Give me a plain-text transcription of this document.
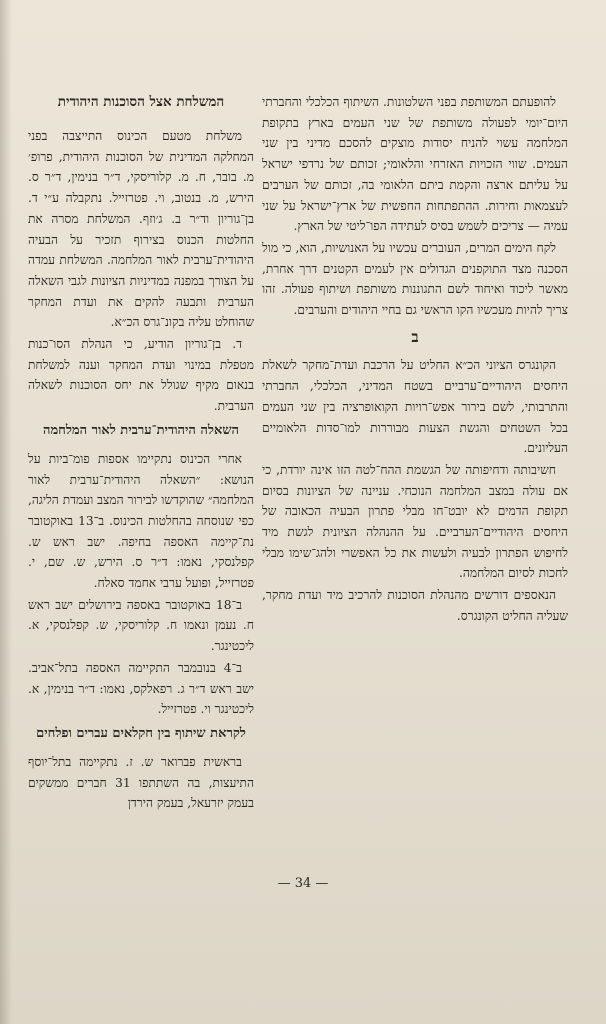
להופעתם המשותפת בפני השלטונות. השיתוף הכלכלי והחברתי היום־יומי לפעולה משותפת של שני העמים בארץ בתקופת המלחמה עשוי להניח יסודות מוצקים להסכם מדיני בין שני העמים. שווי הזכויות האזרחי והלאומי; זכותם של נרדפי ישראל על עליתם ארצה והקמת ביתם הלאומי בה, זכותם של הערבים לעצמאות וחירות. ההתפתחות החפשית של ארץ־ישראל על שני עמיה — צריכים לשמש בסיס לעתידה הפו־ליטי של הארץ.

לקח הימים המרים, העוברים עכשיו על האנושיות, הוא, כי מול הסכנה מצד התוקפנים הגדולים אין לעמים הקטנים דרך אחרת, מאשר ליכוד ואיחוד לשם התגוננות משותפת ושיתוף פעולה. זהו צריך להיות מעכשיו הקו הראשי גם בחיי היהודים והערבים.

ב

הקונגרס הציוני הכ״א החליט על הרכבת ועדת־מחקר לשאלת היחסים היהודיים־ערביים בשטח המדיני, הכלכלי, החברתי והתרבותי, לשם בירור אפש־רויות הקואופרציה בין שני העמים בכל השטחים והגשת הצעות מבוררות למו־סדות הלאומיים העליונים.

חשיבותה ודחיפותה של הגשמת ההח־לטה הזו אינה יורדת, כי אם עולה במצב המלחמה הנוכחי. עניינה של הציונות בסיום תקופת הדמים לא יובט־חו מבלי פתרון הבעיה הכאובה של היחסים היהודיים־הערביים. על ההנהלה הציונית לגשת מיד לחיפוש הפתרון לבעיה ולעשות את כל האפשרי ולהג־שימו מבלי לחכות לסיום המלחמה.

הנאספים דורשים מהנהלת הסוכנות להרכיב מיד ועדת מחקר, שעליה החליט הקונגרס.

המשלחת אצל הסוכנות היהודית

משלחת מטעם הכינוס התייצבה בפני המחלקה המדינית של הסוכנות היהודית, פרופ׳ מ. בובר, ח. מ. קלוריסקי, ד״ר בנימין, ד״ר ס. הירש, מ. בנטוב, וי. פטרזייל. נתקבלה ע״י ד. בן־גוריון וד״ר ב. ג׳וזף. המשלחת מסרה את החלטות הכנוס בצירוף תזכיר על הבעיה היהודית־ערבית לאור המלחמה. המשלחת עמדה על הצורך במפנה במדיניות הציונות לגבי השאלה הערבית ותבעה להקים את ועדת המחקר שהוחלט עליה בקונ־גרס הכ״א.

ד. בן־גוריון הודיע, כי הנהלת הסו־כנות מטפלת במינוי ועדת המחקר וענה למשלחת בנאום מקיף שגולל את יחס הסוכנות לשאלה הערבית.

השאלה היהודית־ערבית לאור המלחמה

אחרי הכינוס נתקיימו אספות פומ־ביות על הנושא: ״השאלה היהודית־ערבית לאור המלחמה״ שהוקדשו לבירור המצב ועמדת הליגה, כפי שנוסחה בהחלטות הכינוס. ב־13 באוקטובר נת־קיימה האספה בחיפה. ישב ראש ש. קפלנסקי, נאמו: ד״ר ס. הירש, ש. שם, י. פטרזייל, ופועל ערבי אחמד סאלח.

ב־18 באוקטובר באספה בירושלים ישב ראש ח. נעמן ונאמו ח. קלוריסקי, ש. קפלנסקי, א. ליכטינגר.

ב־4 בנובמבר התקיימה האספה בתל־אביב. ישב ראש ד״ר ג. רפאלקס, נאמו: ד״ר בנימין, א. ליכטינגר וי. פטרזייל.

לקראת שיתוף בין חקלאים עברים ופלחים

בראשית פברואר ש. ז. נתקיימה בתל־יוסף התיעצות, בה השתתפו 31 חברים ממשקים בעמק יזרעאל, בעמק הירדן

— 34 —
